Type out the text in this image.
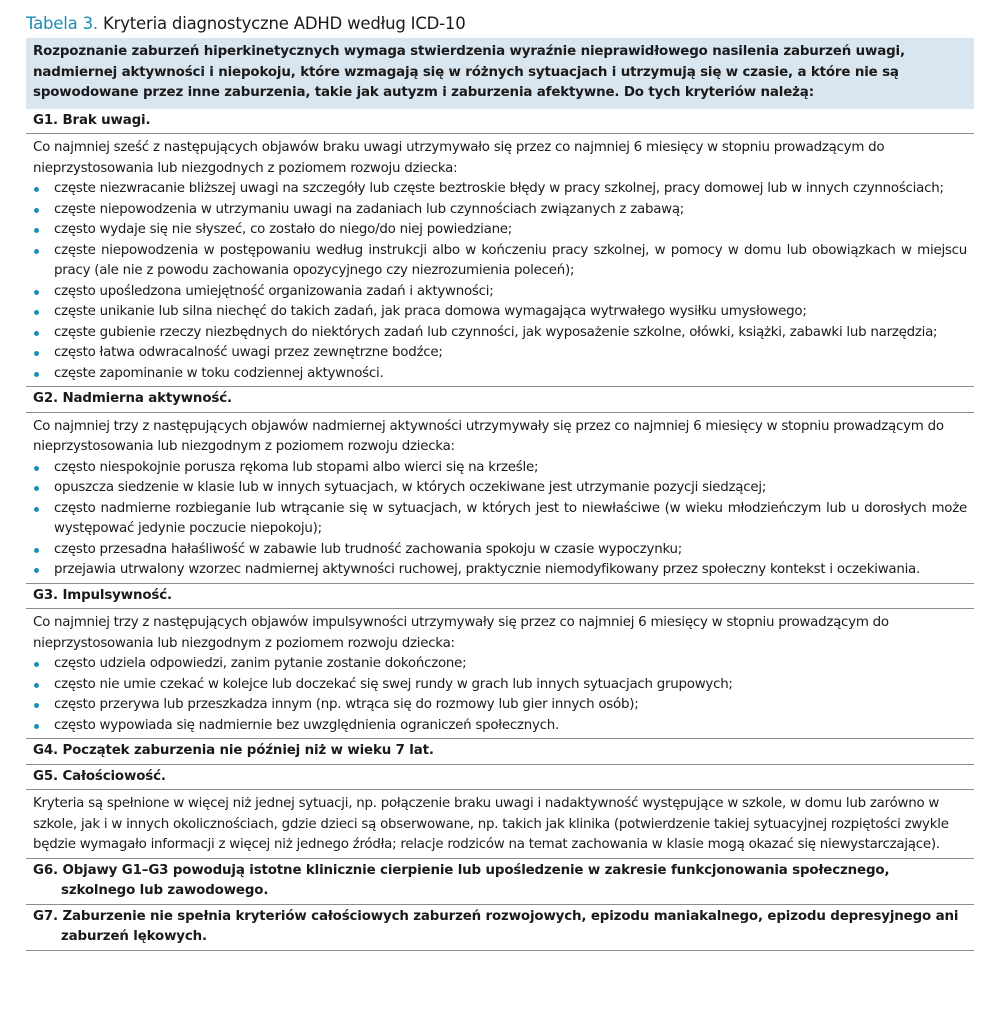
Tabela 3. Kryteria diagnostyczne ADHD według ICD-10
Rozpoznanie zaburzeń hiperkinetycznych wymaga stwierdzenia wyraźnie nieprawidłowego nasilenia zaburzeń uwagi, nadmiernej aktywności i niepokoju, które wzmagają się w różnych sytuacjach i utrzymują się w czasie, a które nie są spowodowane przez inne zaburzenia, takie jak autyzm i zaburzenia afektywne. Do tych kryteriów należą:
G1. Brak uwagi.

Co najmniej sześć z następujących objawów braku uwagi utrzymywało się przez co najmniej 6 miesięcy w stopniu prowadzącym do nieprzystosowania lub niezgodnych z poziomem rozwoju dziecka:

częste niezwracanie bliższej uwagi na szczegóły lub częste beztroskie błędy w pracy szkolnej, pracy domowej lub w innych czynnościach;
częste niepowodzenia w utrzymaniu uwagi na zadaniach lub czynnościach związanych z zabawą;
często wydaje się nie słyszeć, co zostało do niego/do niej powiedziane;
częste niepowodzenia w postępowaniu według instrukcji albo w kończeniu pracy szkolnej, w pomocy w domu lub obowiązkach w miejscu pracy (ale nie z powodu zachowania opozycyjnego czy niezrozumienia poleceń);
często upośledzona umiejętność organizowania zadań i aktywności;
częste unikanie lub silna niechęć do takich zadań, jak praca domowa wymagająca wytrwałego wysiłku umysłowego;
częste gubienie rzeczy niezbędnych do niektórych zadań lub czynności, jak wyposażenie szkolne, ołówki, książki, zabawki lub narzędzia;
często łatwa odwracalność uwagi przez zewnętrzne bodźce;
częste zapominanie w toku codziennej aktywności.
G2. Nadmierna aktywność.

Co najmniej trzy z następujących objawów nadmiernej aktywności utrzymywały się przez co najmniej 6 miesięcy w stopniu prowadzącym do nieprzystosowania lub niezgodnym z poziomem rozwoju dziecka:

często niespokojnie porusza rękoma lub stopami albo wierci się na krześle;
opuszcza siedzenie w klasie lub w innych sytuacjach, w których oczekiwane jest utrzymanie pozycji siedzącej;
często nadmierne rozbieganie lub wtrącanie się w sytuacjach, w których jest to niewłaściwe (w wieku młodzieńczym lub u dorosłych może występować jedynie poczucie niepokoju);
często przesadna hałaśliwość w zabawie lub trudność zachowania spokoju w czasie wypoczynku;
przejawia utrwalony wzorzec nadmiernej aktywności ruchowej, praktycznie niemodyfikowany przez społeczny kontekst i oczekiwania.
G3. Impulsywność.

Co najmniej trzy z następujących objawów impulsywności utrzymywały się przez co najmniej 6 miesięcy w stopniu prowadzącym do nieprzystosowania lub niezgodnym z poziomem rozwoju dziecka:

często udziela odpowiedzi, zanim pytanie zostanie dokończone;
często nie umie czekać w kolejce lub doczekać się swej rundy w grach lub innych sytuacjach grupowych;
często przerywa lub przeszkadza innym (np. wtrąca się do rozmowy lub gier innych osób);
często wypowiada się nadmiernie bez uwzględnienia ograniczeń społecznych.
G4. Początek zaburzenia nie później niż w wieku 7 lat.
G5. Całościowość.

Kryteria są spełnione w więcej niż jednej sytuacji, np. połączenie braku uwagi i nadaktywność występujące w szkole, w domu lub zarówno w szkole, jak i w innych okolicznościach, gdzie dzieci są obserwowane, np. takich jak klinika (potwierdzenie takiej sytuacyjnej rozpiętości zwykle będzie wymagało informacji z więcej niż jednego źródła; relacje rodziców na temat zachowania w klasie mogą okazać się niewystarczające).

G6. Objawy G1–G3 powodują istotne klinicznie cierpienie lub upośledzenie w zakresie funkcjonowania społecznego, szkolnego lub zawodowego.
G7. Zaburzenie nie spełnia kryteriów całościowych zaburzeń rozwojowych, epizodu maniakalnego, epizodu depresyjnego ani zaburzeń lękowych.
